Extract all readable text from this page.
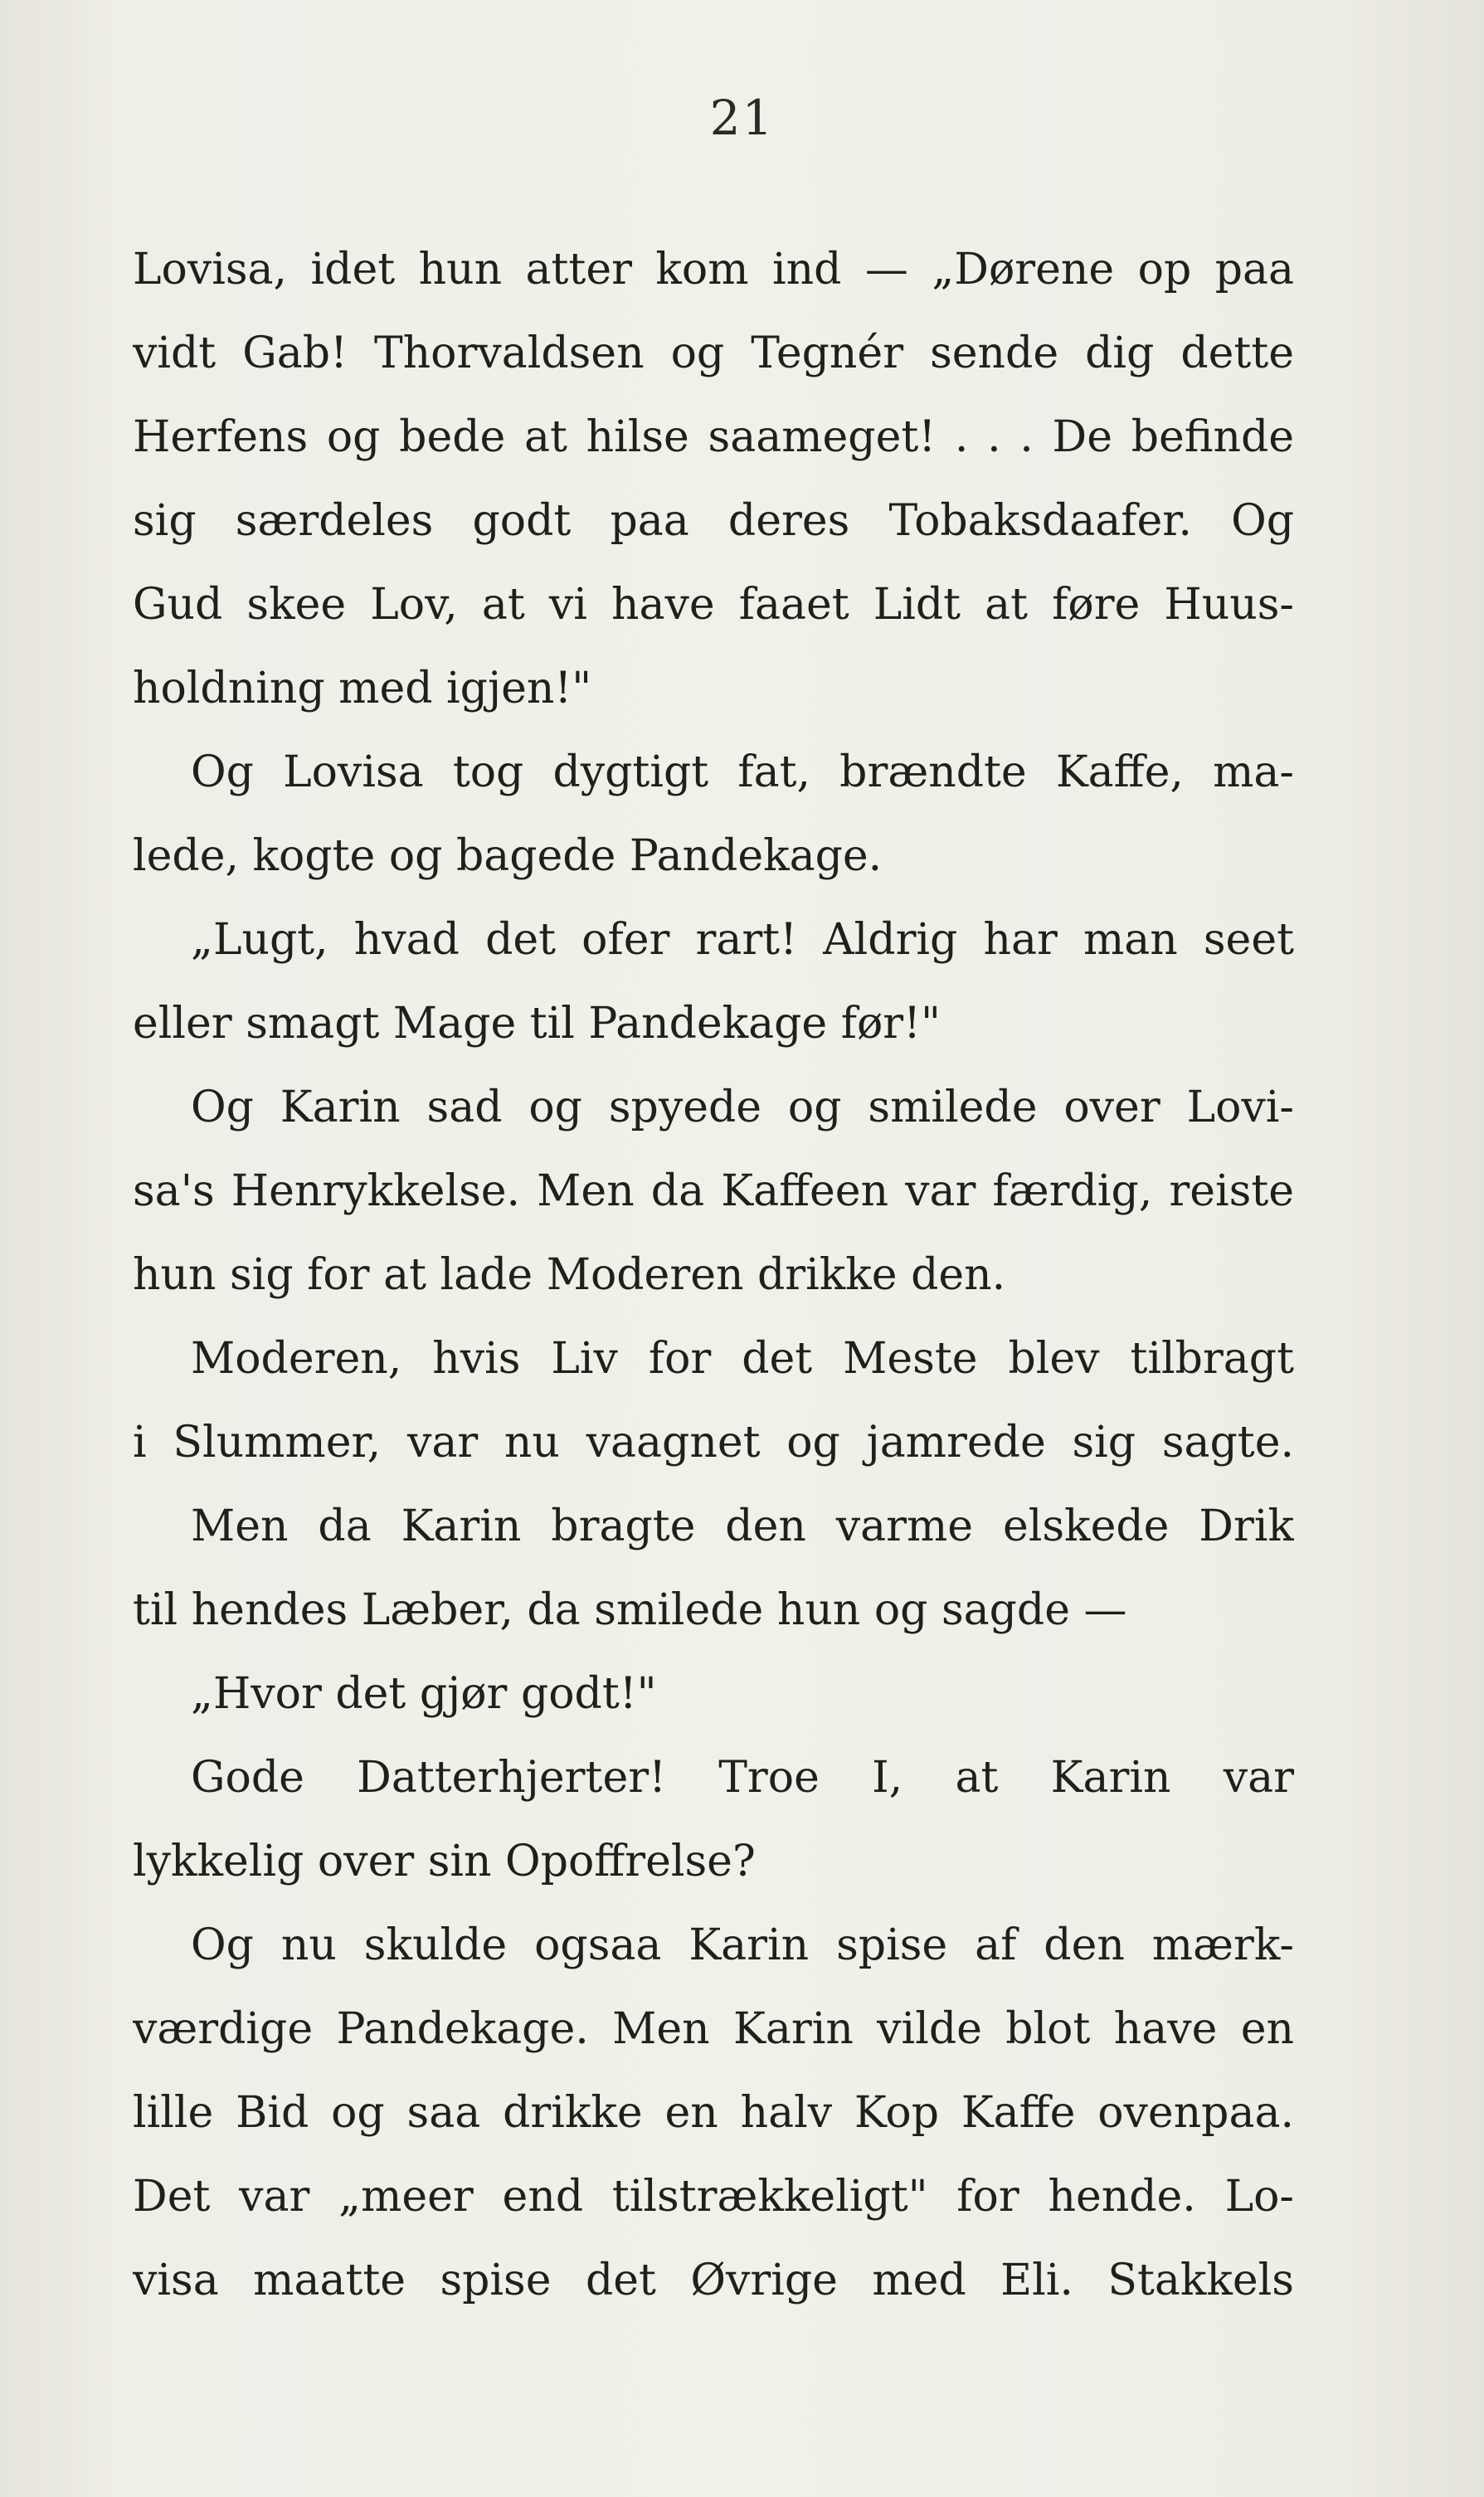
21
Lovisa, idet hun atter kom ind — „Dørene op paa
vidt Gab! Thorvaldsen og Tegnér sende dig dette
Herfens og bede at hilse saameget! . . . De befinde
sig særdeles godt paa deres Tobaksdaafer. Og
Gud skee Lov, at vi have faaet Lidt at føre Huus-
holdning med igjen!"
Og Lovisa tog dygtigt fat, brændte Kaffe, ma-
lede, kogte og bagede Pandekage.
„Lugt, hvad det ofer rart! Aldrig har man seet
eller smagt Mage til Pandekage før!"
Og Karin sad og spyede og smilede over Lovi-
sa's Henrykkelse. Men da Kaffeen var færdig, reiste
hun sig for at lade Moderen drikke den.
Moderen, hvis Liv for det Meste blev tilbragt
i Slummer, var nu vaagnet og jamrede sig sagte.
Men da Karin bragte den varme elskede Drik
til hendes Læber, da smilede hun og sagde —
„Hvor det gjør godt!"
Gode Datterhjerter! Troe I, at Karin var
lykkelig over sin Opoffrelse?
Og nu skulde ogsaa Karin spise af den mærk-
værdige Pandekage. Men Karin vilde blot have en
lille Bid og saa drikke en halv Kop Kaffe ovenpaa.
Det var „meer end tilstrækkeligt" for hende. Lo-
visa maatte spise det Øvrige med Eli. Stakkels
